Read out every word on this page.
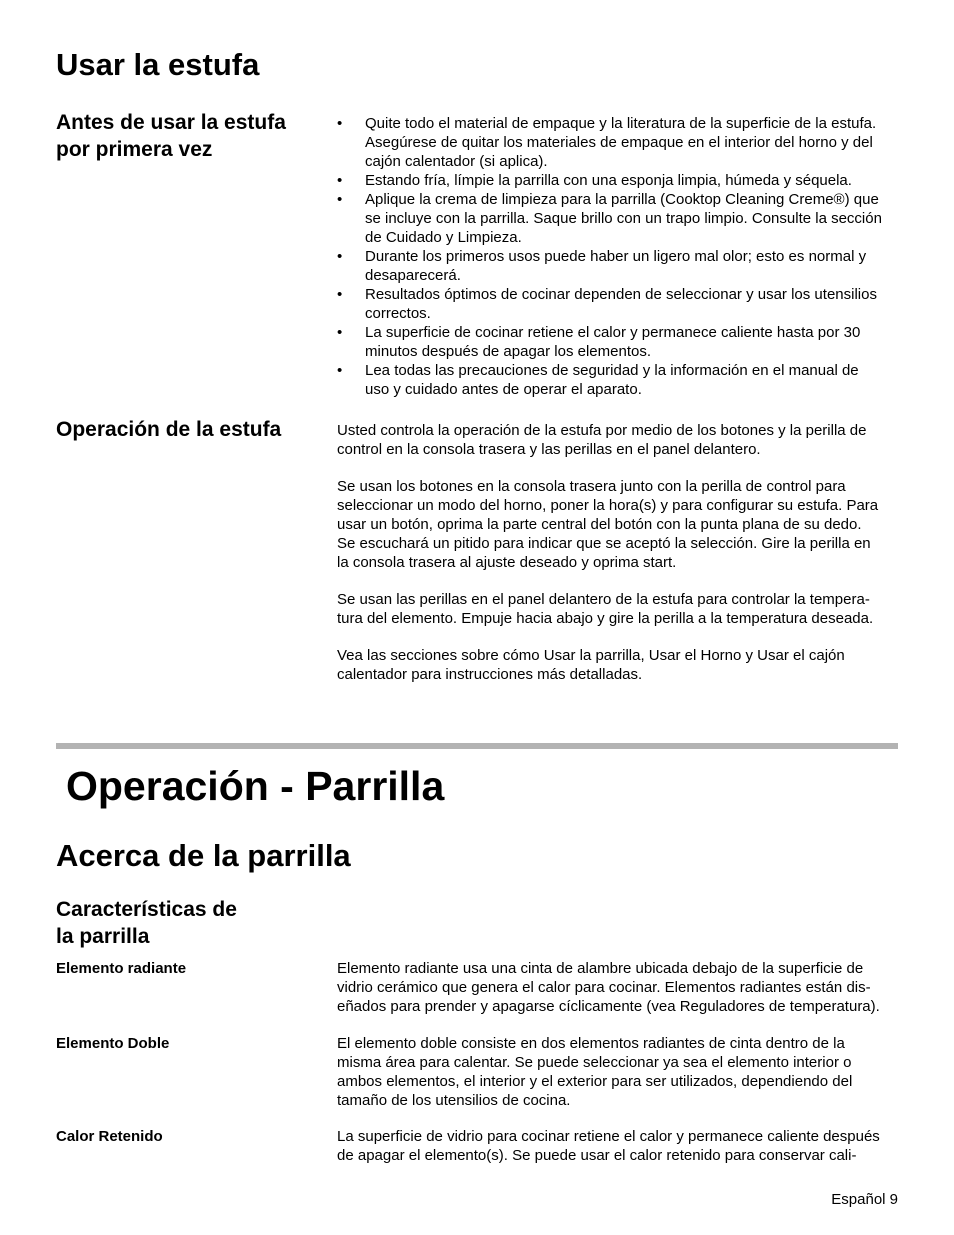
Usar la estufa
Antes de usar la estufa
por primera vez
• Quite todo el material de empaque y la literatura de la superficie de la estufa.
Asegúrese de quitar los materiales de empaque en el interior del horno y del
cajón calentador (si aplica).
• Estando fría, límpie la parrilla con una esponja limpia, húmeda y séquela.
• Aplique la crema de limpieza para la parrilla (Cooktop Cleaning Creme®) que
se incluye con la parrilla. Saque brillo con un trapo limpio. Consulte la sección
de Cuidado y Limpieza.
• Durante los primeros usos puede haber un ligero mal olor; esto es normal y
desaparecerá.
• Resultados óptimos de cocinar dependen de seleccionar y usar los utensilios
correctos.
• La superficie de cocinar retiene el calor y permanece caliente hasta por 30
minutos después de apagar los elementos.
• Lea todas las precauciones de seguridad y la información en el manual de
uso y cuidado antes de operar el aparato.
Operación de la estufa	Usted controla la operación de la estufa por medio de los botones y la perilla de
control en la consola trasera y las perillas en el panel delantero.
Se usan los botones en la consola trasera junto con la perilla de control para
seleccionar un modo del horno, poner la hora(s) y para configurar su estufa. Para
usar un botón, oprima la parte central del botón con la punta plana de su dedo.
Se escuchará un pitido para indicar que se aceptó la selección. Gire la perilla en
la consola trasera al ajuste deseado y oprima start.
Se usan las perillas en el panel delantero de la estufa para controlar la tempera-
tura del elemento. Empuje hacia abajo y gire la perilla a la temperatura deseada.
Vea las secciones sobre cómo Usar la parrilla, Usar el Horno y Usar el cajón
calentador para instrucciones más detalladas.
Operación - Parrilla
Acerca de la parrilla
Características de
la parrilla
Elemento radiante	Elemento radiante usa una cinta de alambre ubicada debajo de la superficie de
vidrio cerámico que genera el calor para cocinar. Elementos radiantes están dis-
eñados para prender y apagarse cíclicamente (vea Reguladores de temperatura).
Elemento Doble	El elemento doble consiste en dos elementos radiantes de cinta dentro de la
misma área para calentar. Se puede seleccionar ya sea el elemento interior o
ambos elementos, el interior y el exterior para ser utilizados, dependiendo del
tamaño de los utensilios de cocina.
Calor Retenido	La superficie de vidrio para cocinar retiene el calor y permanece caliente después
de apagar el elemento(s). Se puede usar el calor retenido para conservar cali-
Español 9
